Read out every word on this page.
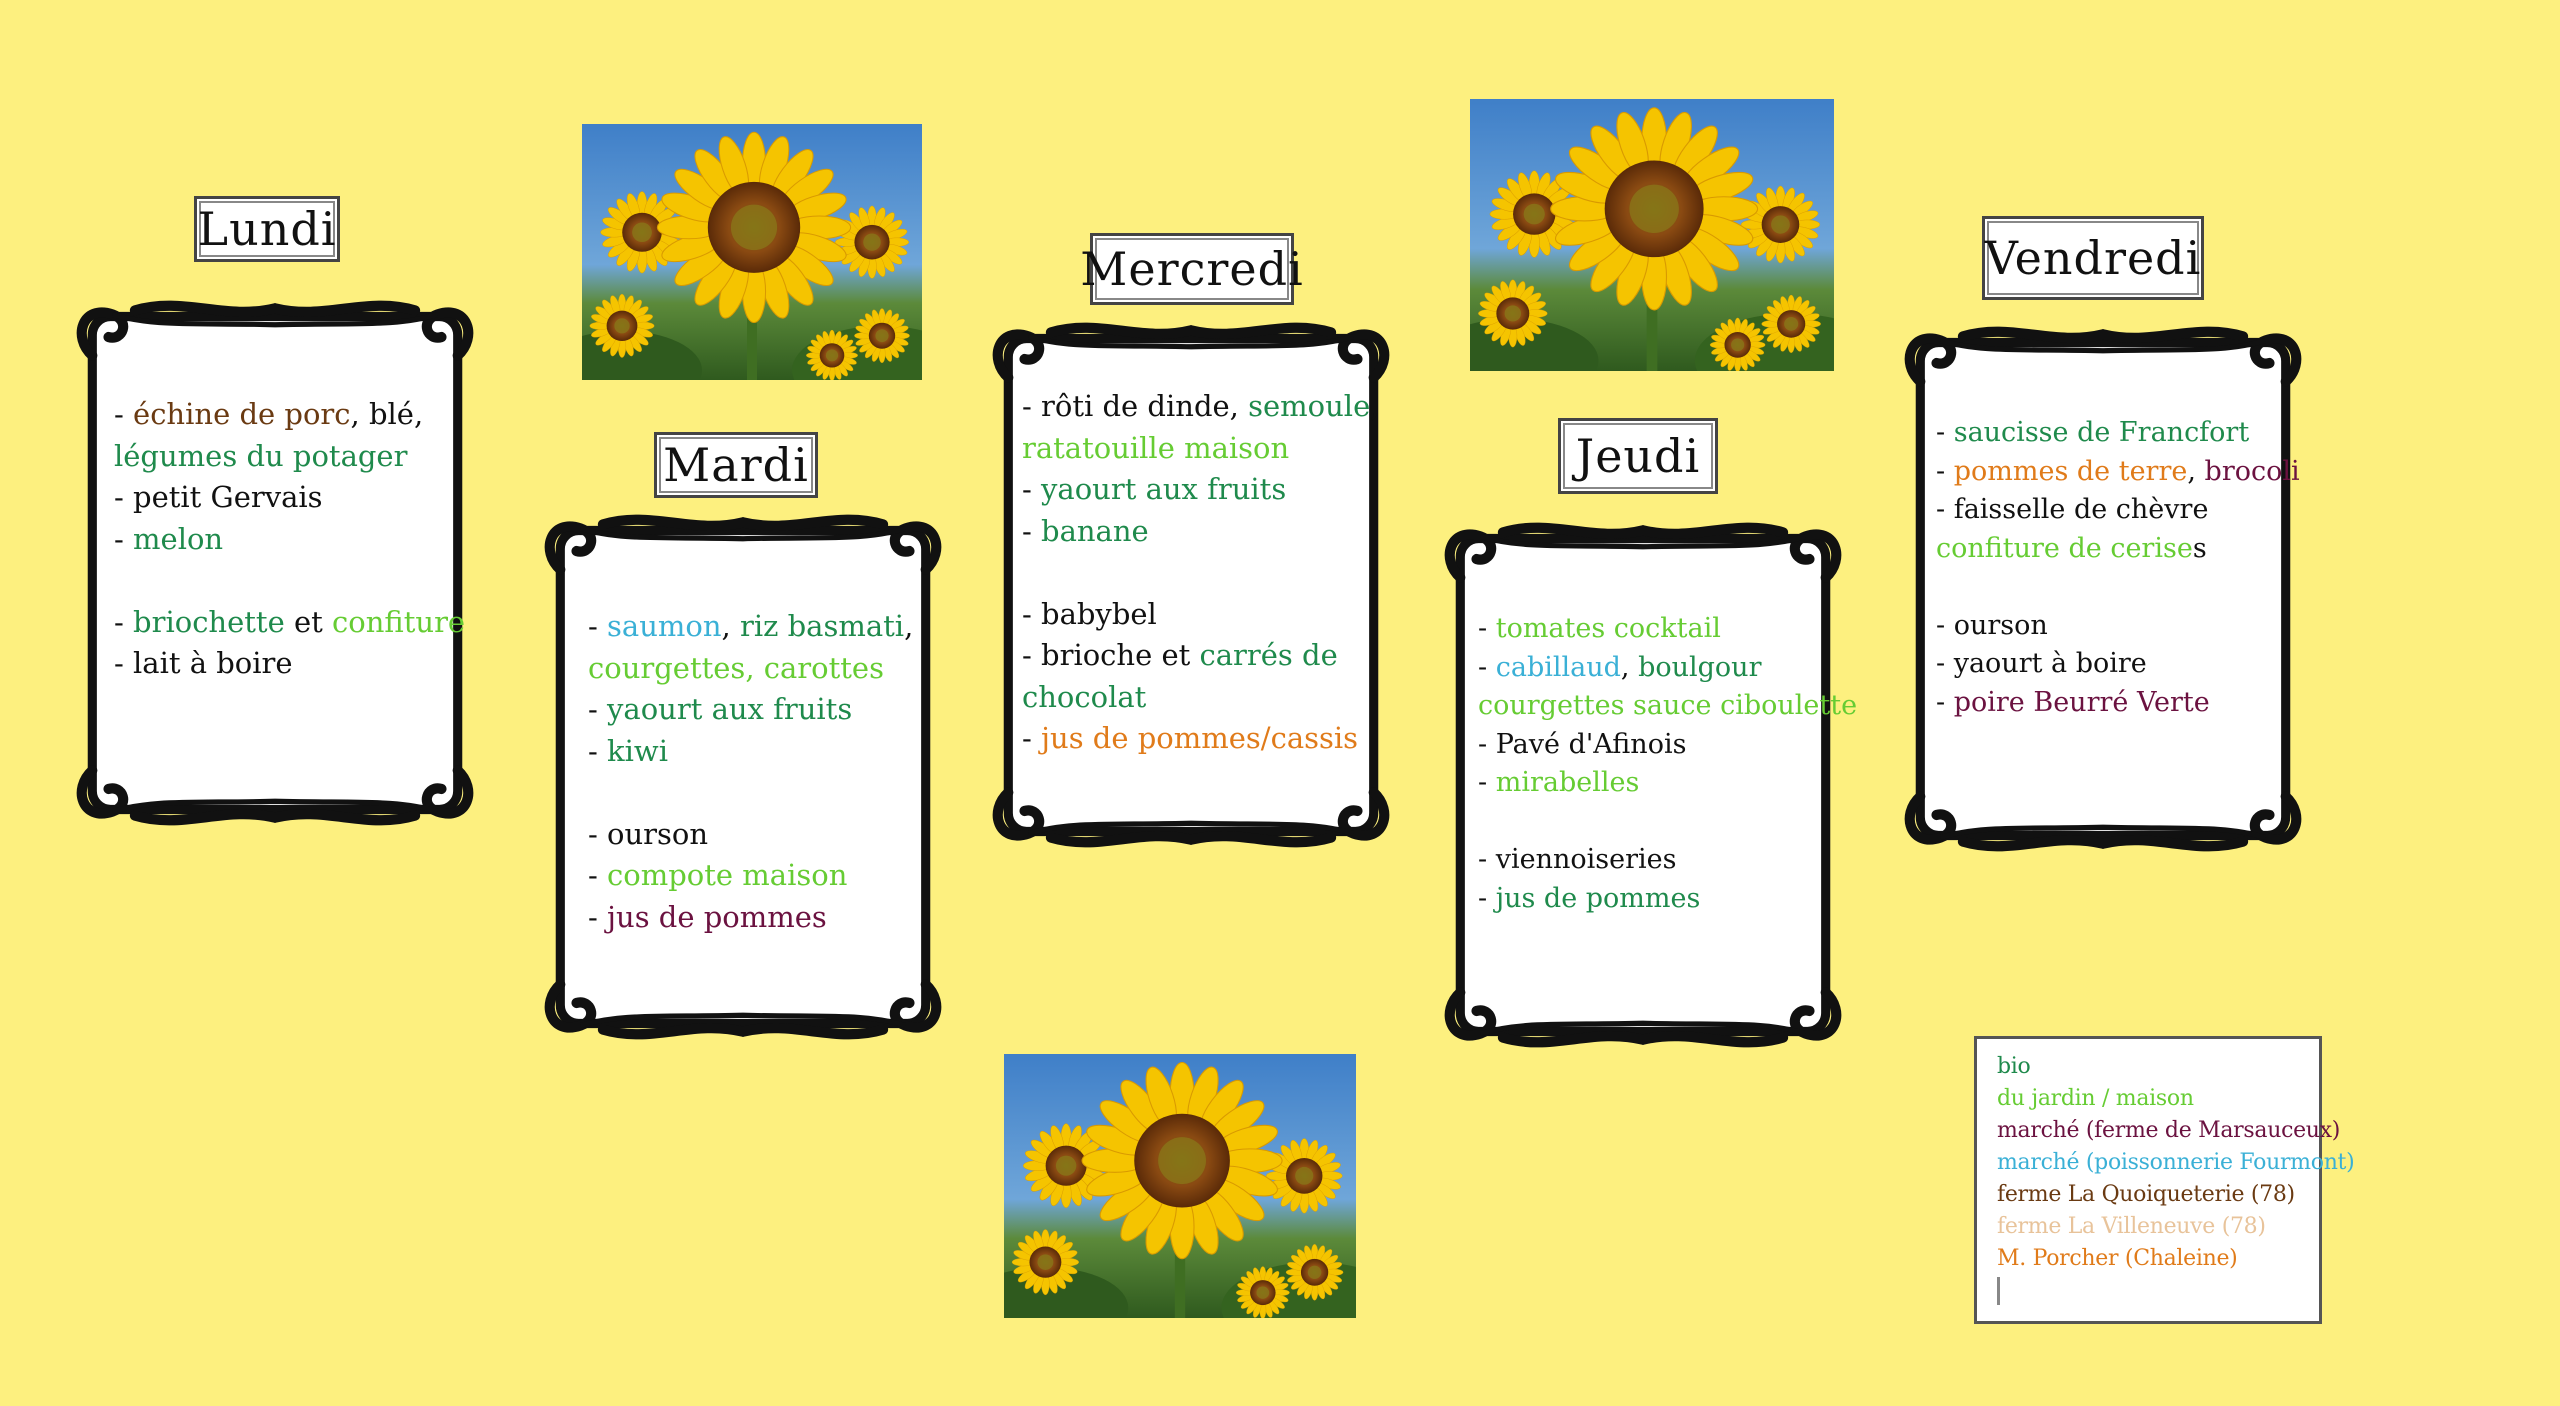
Lundi
- échine de porc, blé,
légumes du potager
- petit Gervais
- melon

- briochette et confiture
- lait à boire
Mardi
- saumon, riz basmati,
courgettes, carottes
- yaourt aux fruits
- kiwi

- ourson
- compote maison
- jus de pommes
Mercredi
- rôti de dinde, semoule,
ratatouille maison
- yaourt aux fruits
- banane

- babybel
- brioche et carrés de
chocolat
- jus de pommes/cassis
Jeudi
- tomates cocktail
- cabillaud, boulgour
courgettes sauce ciboulette
- Pavé d'Afinois
- mirabelles

- viennoiseries
- jus de pommes
Vendredi
- saucisse de Francfort
- pommes de terre, brocoli
- faisselle de chèvre
confiture de cerises

- ourson
- yaourt à boire
- poire Beurré Verte
bio
du jardin / maison
marché (ferme de Marsauceux)
marché (poissonnerie Fourmont)
ferme La Quoiqueterie (78)
ferme La Villeneuve (78)
M. Porcher (Chaleine)
